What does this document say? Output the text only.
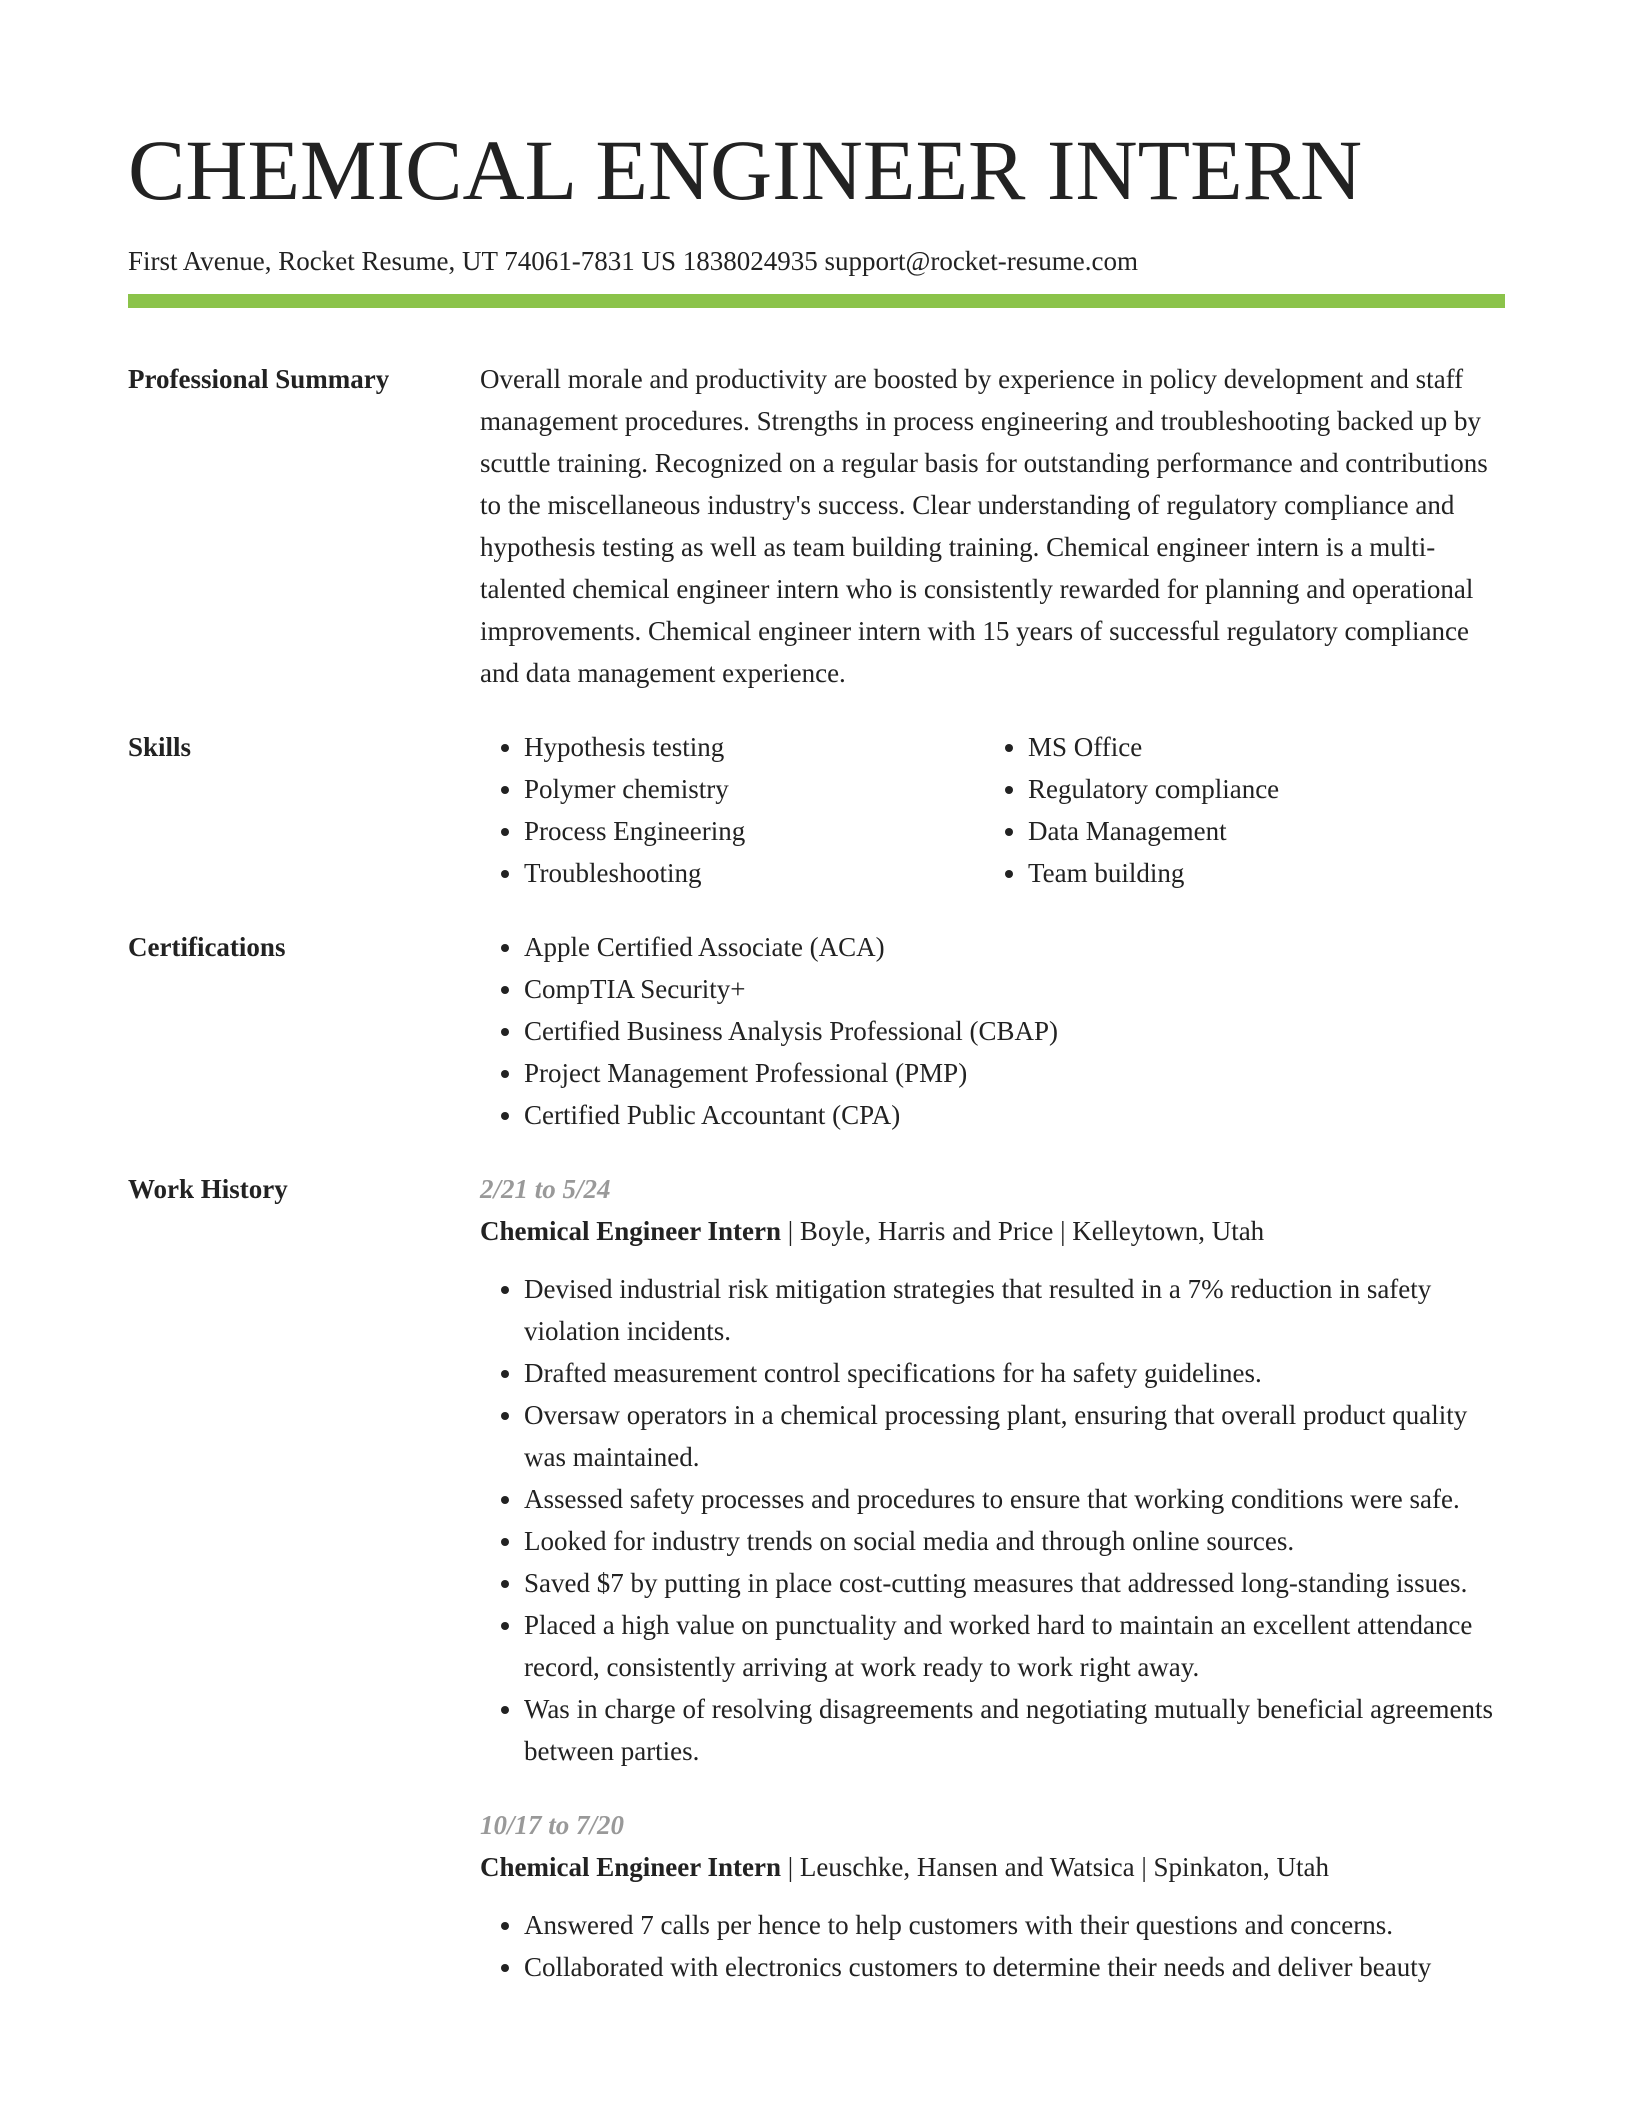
CHEMICAL ENGINEER INTERN
First Avenue, Rocket Resume, UT 74061-7831 US 1838024935 support@rocket-resume.com
Professional Summary	Overall morale and productivity are boosted by experience in policy development and staff management procedures. Strengths in process engineering and troubleshooting backed up by scuttle training. Recognized on a regular basis for outstanding performance and contributions to the miscellaneous industry's success. Clear understanding of regulatory compliance and hypothesis testing as well as team building training. Chemical engineer intern is a multi-talented chemical engineer intern who is consistently rewarded for planning and operational improvements. Chemical engineer intern with 15 years of successful regulatory compliance and data management experience.
Skills	• Hypothesis testing
• Polymer chemistry
• Process Engineering
• Troubleshooting
• MS Office
• Regulatory compliance
• Data Management
• Team building
Certifications	• Apple Certified Associate (ACA)
• CompTIA Security+
• Certified Business Analysis Professional (CBAP)
• Project Management Professional (PMP)
• Certified Public Accountant (CPA)
Work History	2/21 to 5/24
Chemical Engineer Intern | Boyle, Harris and Price | Kelleytown, Utah
• Devised industrial risk mitigation strategies that resulted in a 7% reduction in safety violation incidents.
• Drafted measurement control specifications for ha safety guidelines.
• Oversaw operators in a chemical processing plant, ensuring that overall product quality was maintained.
• Assessed safety processes and procedures to ensure that working conditions were safe.
• Looked for industry trends on social media and through online sources.
• Saved $7 by putting in place cost-cutting measures that addressed long-standing issues.
• Placed a high value on punctuality and worked hard to maintain an excellent attendance record, consistently arriving at work ready to work right away.
• Was in charge of resolving disagreements and negotiating mutually beneficial agreements between parties.
10/17 to 7/20
Chemical Engineer Intern | Leuschke, Hansen and Watsica | Spinkaton, Utah
• Answered 7 calls per hence to help customers with their questions and concerns.
• Collaborated with electronics customers to determine their needs and deliver beauty
